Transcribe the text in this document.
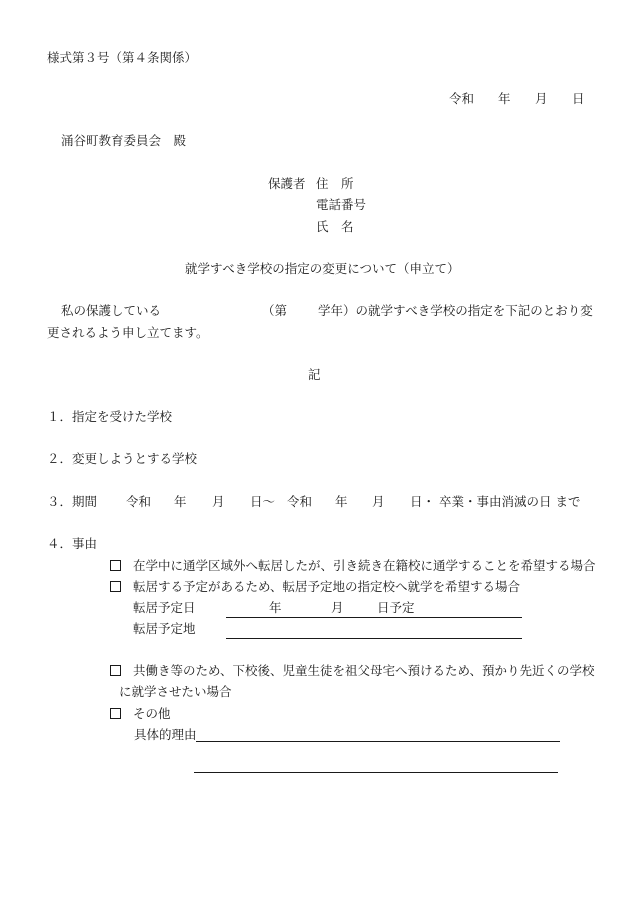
様式第３号（第４条関係）
令和 年 月 日
涌谷町教育委員会　殿
保護者 住　所
電話番号
氏　名
就学すべき学校の指定の変更について（申立て）
私の保護している	（第 学年）の就学すべき学校の指定を下記のとおり変
更されるよう申し立てます。
記
１．指定を受けた学校
２．変更しようとする学校
３．期間 令和 年 月 日〜 令和 年 月 日・ 卒業・事由消滅の日 まで
４．事由
在学中に通学区域外へ転居したが、引き続き在籍校に通学することを希望する場合
転居する予定があるため、転居予定地の指定校へ就学を希望する場合
転居予定日	年	月	日予定
転居予定地
共働き等のため、下校後、児童生徒を祖父母宅へ預けるため、預かり先近くの学校
に就学させたい場合
その他
具体的理由
